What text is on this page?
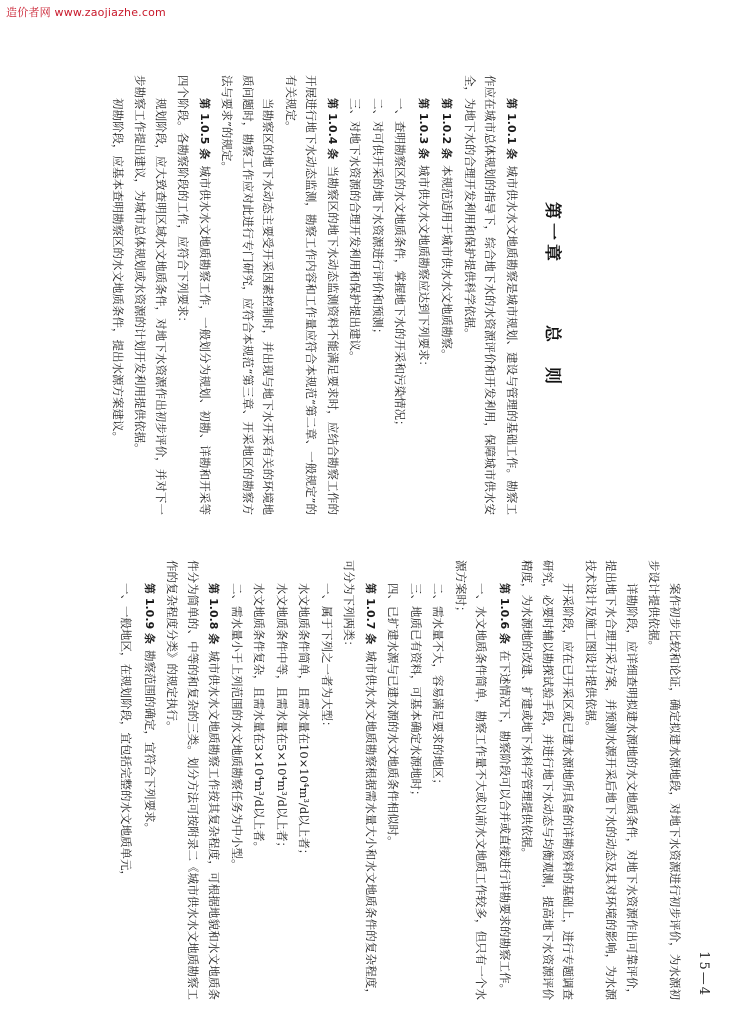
造价者网 www.zaojiazhe.com
15—4
第一章总　则

第 1.0.1 条城市供水水文地质勘察是城市规划、建设与管理的基础工作。勘察工作应在城市总体规划的指导下，综合地下水的水资源评价和开发利用，保障城市供水安全，为地下水的合理开发利用和保护提供科学依据。

第 1.0.2 条本规范适用于城市供水水文地质勘察。

第 1.0.3 条城市供水水文地质勘察应达到下列要求：

一、查明勘察区的水文地质条件，掌握地下水的开采和污染情况；

二、对可供开采的地下水资源进行评价和预测；

三、对地下水资源的合理开发利用和保护提出建议。

第 1.0.4 条当勘察区的地下水动态监测资料不能满足要求时，应结合勘察工作的开展进行地下水动态监测，勘察工作内容和工作量应符合本规范“第二章、一般规定”的有关规定。

当勘察区的地下水动态主要受开采因素控制时，并出现与地下水开采有关的环境地质问题时，勘察工作应对此进行专门研究，应符合本规范“第三章、开采地区的勘察方法与要求”的规定。

第 1.0.5 条城市供水水文地质勘察工作，一般划分为规划、初勘、详勘和开采等四个阶段。各勘察阶段的工作，应符合下列要求：

规划阶段，应大致查明区域水文地质条件，对地下水资源作出初步评价，并对下一步勘察工作提出建议，为城市总体规划或水资源的计划开发利用提供依据。

初勘阶段，应基本查明勘察区的水文地质条件，提出水源方案建议。

案作初步比较和论证，确定拟建水源地段，对地下水资源进行初步评价，为水源初步设计提供依据。

详勘阶段，应详细查明拟建水源地的水文地质条件，对地下水资源作出可靠评价，提出地下水合理开采方案，并预测水源开采后地下水的动态及其对环境的影响，为水源技术设计及施工图设计提供依据。

开采阶段，应在已开采区或已建水源地所具备的详勘资料的基础上，进行专题调查研究，必要时辅以勘探试验手段，并进行地下水动态与均衡观测，提高地下水资源评价精度，为水源地的改建、扩建或地下水科学管理提供依据。

第 1.0.6 条在下述情况下，勘察阶段可以合并或直接进行详勘要求的勘察工作。

一、水文地质条件简单，勘察工作量不大或以前水文地质工作较多，但只有一个水源方案时；

二、需水量不大，容易满足要求的地区；

三、地质已有资料，可基本确定水源地时；

四、已扩建水源与已建水源的水文地质条件相似时。

第 1.0.7 条城市供水水文地质勘察根据需水量大小和水文地质条件的复杂程度，可分为下列两类：

一、属于下列之一者为大型：

水文地质条件简单，且需水量在10×10⁴m³/d以上者；

水文地质条件中等，且需水量在5×10⁴m³/d以上者；

水文地质条件复杂，且需水量在3×10⁴m³/d以上者。

二、需水量小于上列范围的水文地质勘察任务为中小型。

第 1.0.8 条城市供水水文地质勘察工作按其复杂程度，可根据地貌和水文地质条件分为简单的、中等的和复杂的三类。划分方法可按附录二《城市供水水文地质勘察工作的复杂程度分类》的规定执行。

第 1.0.9 条勘察范围的确定，宜符合下列要求。

一、一般地区，在规划阶段，宜包括完整的水文地质单元，
